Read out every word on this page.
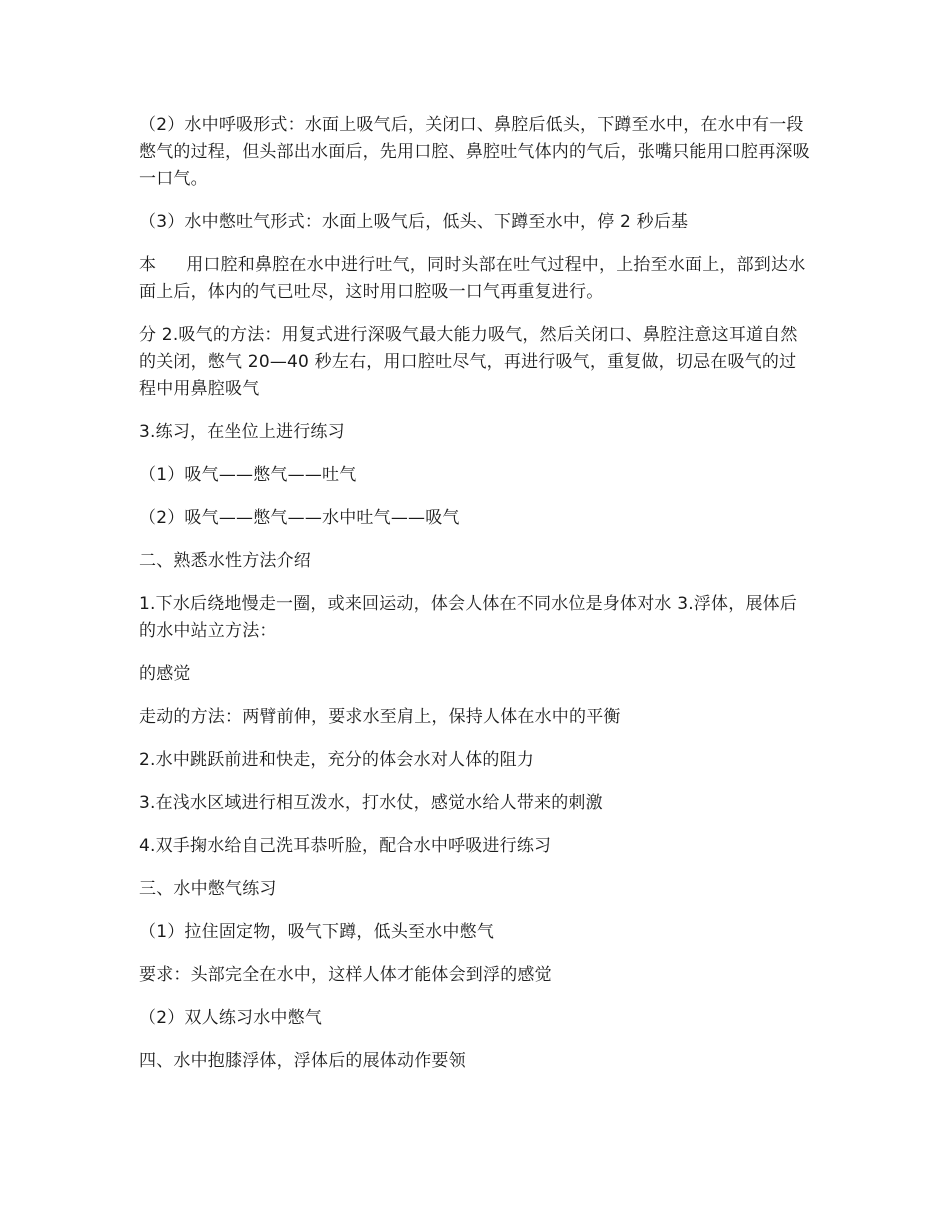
（2）水中呼吸形式：水面上吸气后，关闭口、鼻腔后低头，下蹲至水中，在水中有一段憋气的过程，但头部出水面后，先用口腔、鼻腔吐气体内的气后，张嘴只能用口腔再深吸一口气。

（3）水中憋吐气形式：水面上吸气后，低头、下蹲至水中，停 2 秒后基

本 用口腔和鼻腔在水中进行吐气，同时头部在吐气过程中，上抬至水面上，部到达水面上后，体内的气已吐尽，这时用口腔吸一口气再重复进行。

分 2.吸气的方法：用复式进行深吸气最大能力吸气，然后关闭口、鼻腔注意这耳道自然的关闭，憋气 20—40 秒左右，用口腔吐尽气，再进行吸气，重复做，切忌在吸气的过程中用鼻腔吸气

3.练习，在坐位上进行练习

（1）吸气——憋气——吐气

（2）吸气——憋气——水中吐气——吸气

二、熟悉水性方法介绍

1.下水后绕地慢走一圈，或来回运动，体会人体在不同水位是身体对水 3.浮体，展体后的水中站立方法：

的感觉

走动的方法：两臂前伸，要求水至肩上，保持人体在水中的平衡

2.水中跳跃前进和快走，充分的体会水对人体的阻力

3.在浅水区域进行相互泼水，打水仗，感觉水给人带来的刺激

4.双手掬水给自己洗耳恭听脸，配合水中呼吸进行练习

三、水中憋气练习

（1）拉住固定物，吸气下蹲，低头至水中憋气

要求：头部完全在水中，这样人体才能体会到浮的感觉

（2）双人练习水中憋气

四、水中抱膝浮体，浮体后的展体动作要领
